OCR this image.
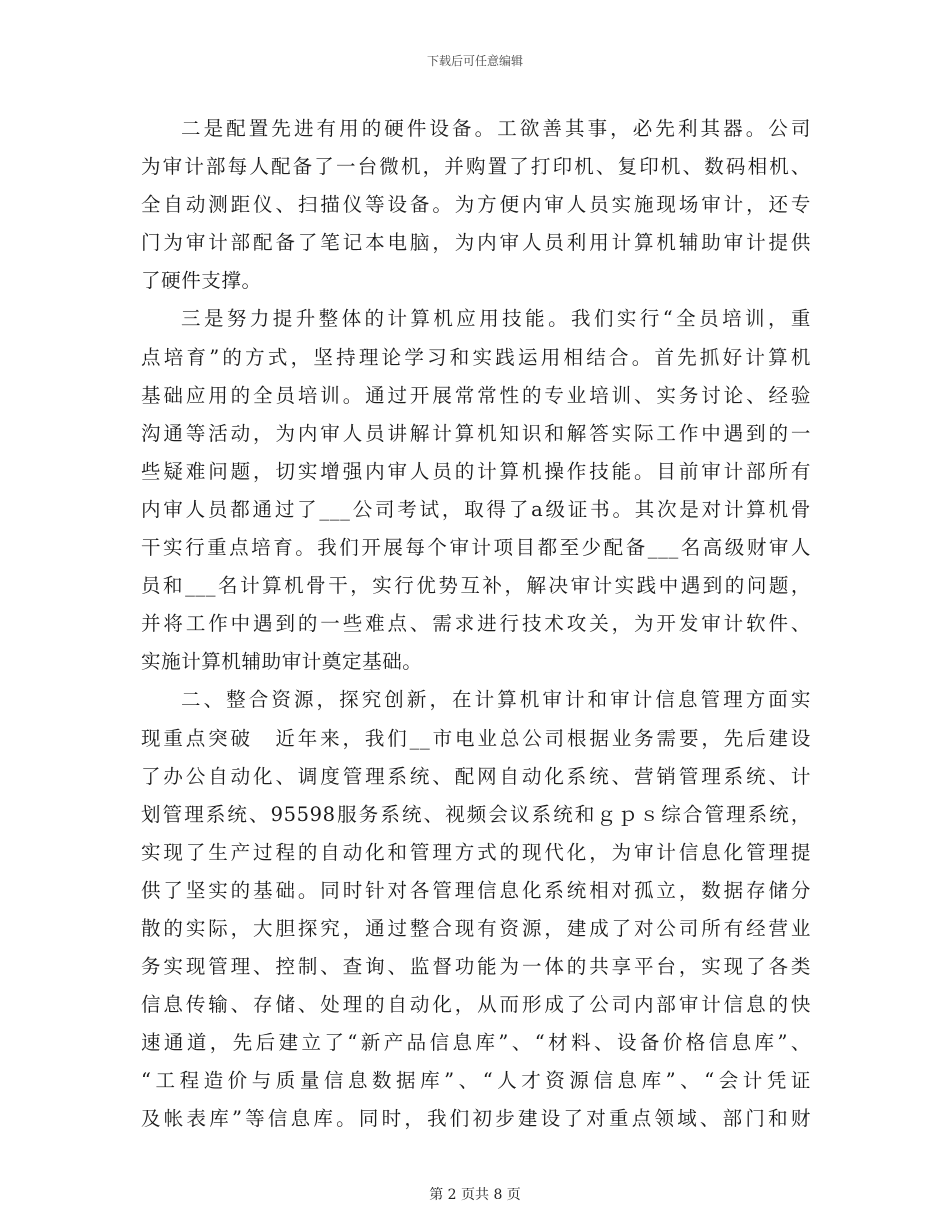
下载后可任意编辑
二是配置先进有用的硬件设备。工欲善其事，必先利其器。公司
为审计部每人配备了一台微机，并购置了打印机、复印机、数码相机、
全自动测距仪、扫描仪等设备。为方便内审人员实施现场审计，还专
门为审计部配备了笔记本电脑，为内审人员利用计算机辅助审计提供
了硬件支撑。
三是努力提升整体的计算机应用技能。我们实行“全员培训，重
点培育”的方式，坚持理论学习和实践运用相结合。首先抓好计算机
基础应用的全员培训。通过开展常常性的专业培训、实务讨论、经验
沟通等活动，为内审人员讲解计算机知识和解答实际工作中遇到的一
些疑难问题，切实增强内审人员的计算机操作技能。目前审计部所有
内审人员都通过了___公司考试，取得了a级证书。其次是对计算机骨
干实行重点培育。我们开展每个审计项目都至少配备___名高级财审人
员和___名计算机骨干，实行优势互补，解决审计实践中遇到的问题，
并将工作中遇到的一些难点、需求进行技术攻关，为开发审计软件、
实施计算机辅助审计奠定基础。
二、整合资源，探究创新，在计算机审计和审计信息管理方面实
现重点突破　近年来，我们__市电业总公司根据业务需要，先后建设
了办公自动化、调度管理系统、配网自动化系统、营销管理系统、计
划管理系统、95598服务系统、视频会议系统和ｇｐｓ综合管理系统，
实现了生产过程的自动化和管理方式的现代化，为审计信息化管理提
供了坚实的基础。同时针对各管理信息化系统相对孤立，数据存储分
散的实际，大胆探究，通过整合现有资源，建成了对公司所有经营业
务实现管理、控制、查询、监督功能为一体的共享平台，实现了各类
信息传输、存储、处理的自动化，从而形成了公司内部审计信息的快
速通道，先后建立了“新产品信息库”、“材料、设备价格信息库”、
“工程造价与质量信息数据库”、“人才资源信息库”、“会计凭证
及帐表库”等信息库。同时，我们初步建设了对重点领域、部门和财
第 2 页共 8 页
